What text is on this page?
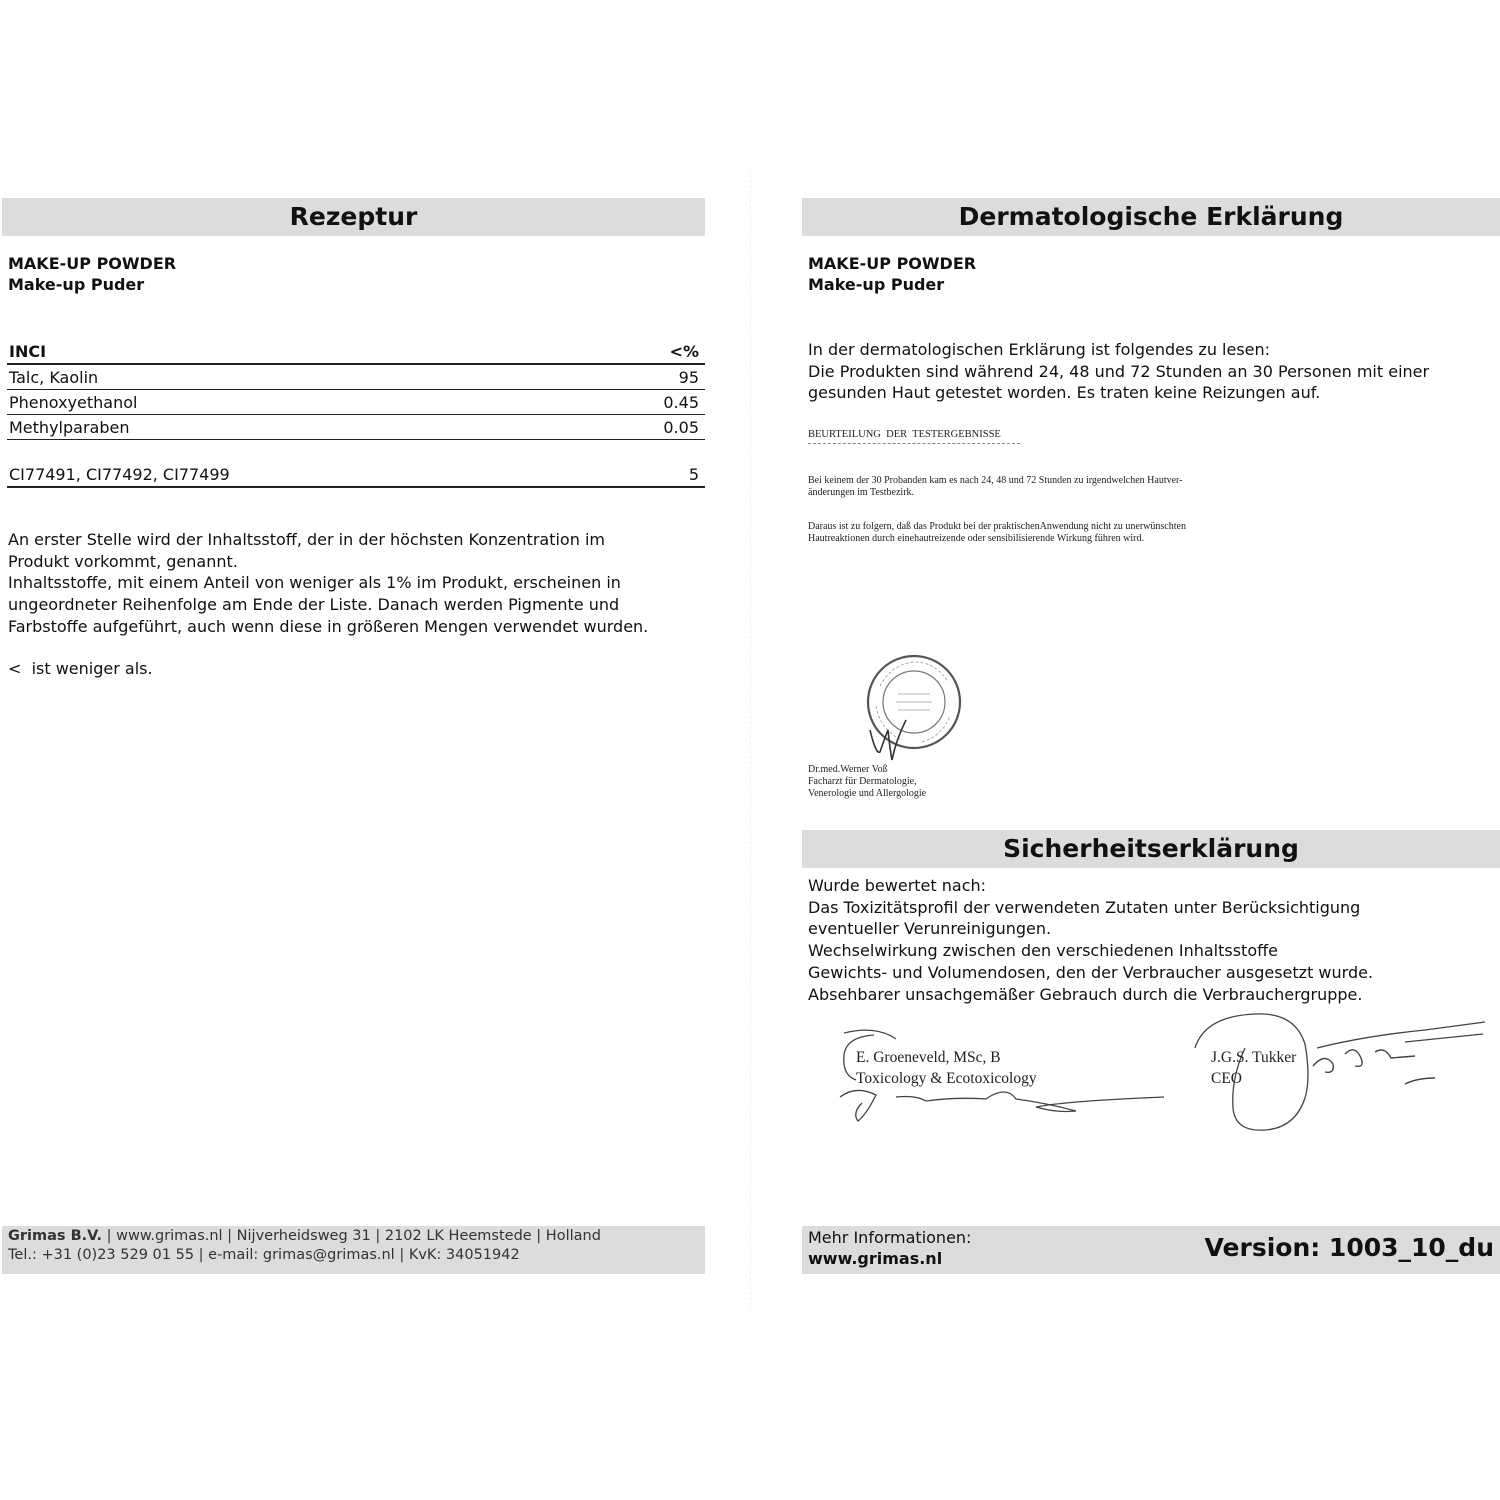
Rezeptur
MAKE-UP POWDER
Make-up Puder
INCI	<%
Talc, Kaolin	95
Phenoxyethanol	0.45
Methylparaben	0.05
CI77491, CI77492, CI77499	5
An erster Stelle wird der Inhaltsstoff, der in der höchsten Konzentration im
Produkt vorkommt, genannt.
Inhaltsstoffe, mit einem Anteil von weniger als 1% im Produkt, erscheinen in
ungeordneter Reihenfolge am Ende der Liste. Danach werden Pigmente und
Farbstoffe aufgeführt, auch wenn diese in größeren Mengen verwendet wurden.
<  ist weniger als.
Grimas B.V. | www.grimas.nl | Nijverheidsweg 31 | 2102 LK Heemstede | Holland
Tel.: +31 (0)23 529 01 55 | e-mail: grimas@grimas.nl | KvK: 34051942
Dermatologische Erklärung
MAKE-UP POWDER
Make-up Puder
In der dermatologischen Erklärung ist folgendes zu lesen:
Die Produkten sind während 24, 48 und 72 Stunden an 30 Personen mit einer
gesunden Haut getestet worden. Es traten keine Reizungen auf.
BEURTEILUNG  DER  TESTERGEBNISSE
Bei keinem der 30 Probanden kam es nach 24, 48 und 72 Stunden zu irgendwelchen Hautver-
änderungen im Testbezirk.
Daraus ist zu folgern, daß das Produkt bei der praktischenAnwendung nicht zu unerwünschten
Hautreaktionen durch einehautreizende oder sensibilisierende Wirkung führen wird.
Dr.med.Werner Voß
Facharzt für Dermatologie,
Venerologie und Allergologie
Sicherheitserklärung
Wurde bewertet nach:
Das Toxizitätsprofil der verwendeten Zutaten unter Berücksichtigung
eventueller Verunreinigungen.
Wechselwirkung zwischen den verschiedenen Inhaltsstoffe
Gewichts- und Volumendosen, den der Verbraucher ausgesetzt wurde.
Absehbarer unsachgemäßer Gebrauch durch die Verbrauchergruppe.
E. Groeneveld, MSc, B
Toxicology & Ecotoxicology
J.G.S. Tukker
CEO
Mehr Informationen:
www.grimas.nl	Version: 1003_10_du
